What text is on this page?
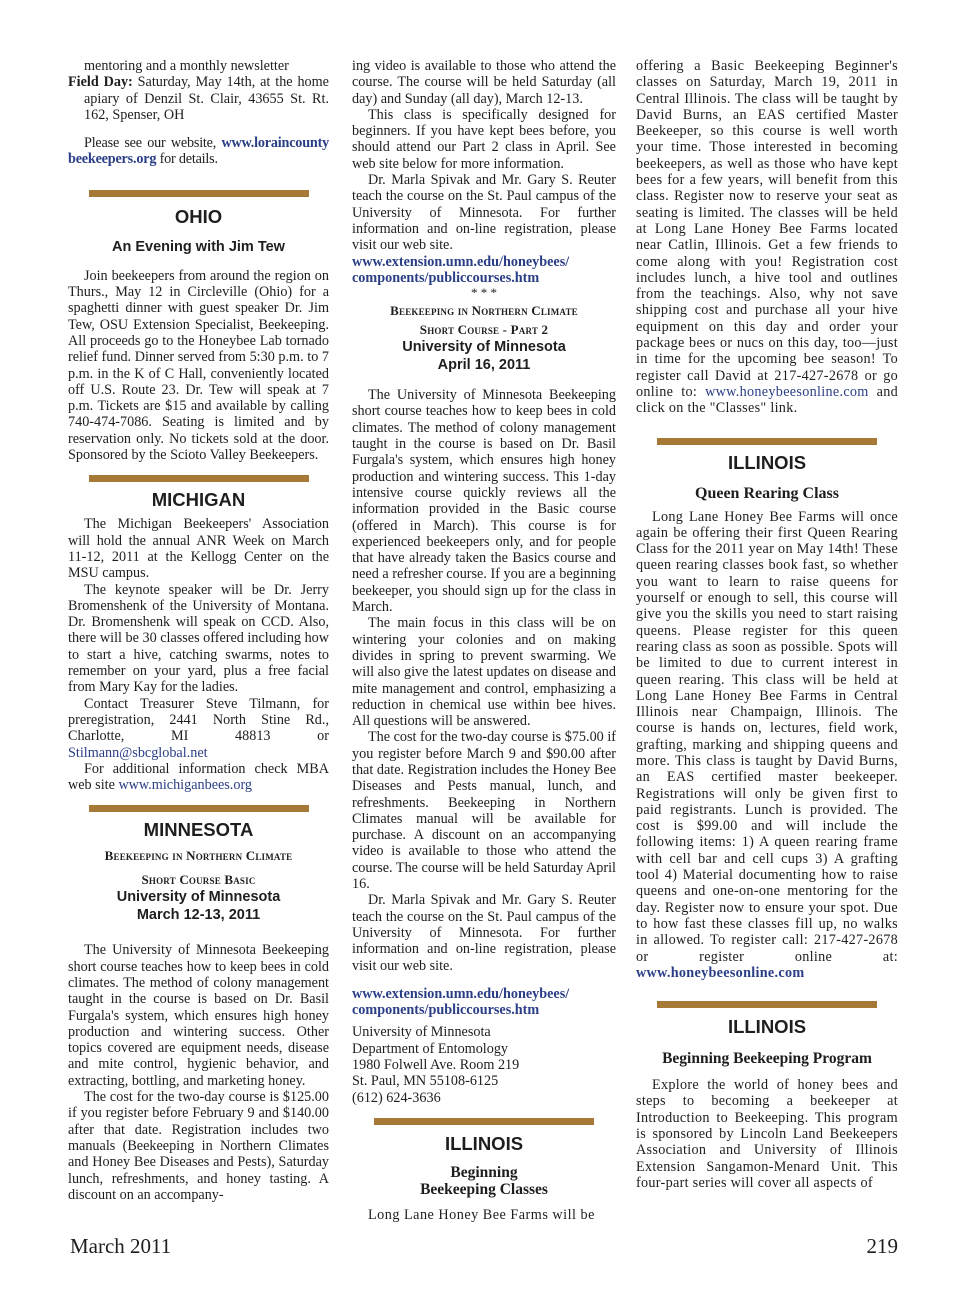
mentoring and a monthly newsletter

Field Day: Saturday, May 14th, at the home apiary of Denzil St. Clair, 43655 St. Rt. 162, Spenser, OH

Please see our website, www.loraincounty beekeepers.org for details.

OHIO
An Evening with Jim Tew

Join beekeepers from around the region on Thurs., May 12 in Circleville (Ohio) for a spaghetti dinner with guest speaker Dr. Jim Tew, OSU Extension Specialist, Beekeeping. All proceeds go to the Honeybee Lab tornado relief fund. Dinner served from 5:30 p.m. to 7 p.m. in the K of C Hall, conveniently located off U.S. Route 23. Dr. Tew will speak at 7 p.m. Tickets are $15 and available by calling 740-474-7086. Seating is limited and by reservation only. No tickets sold at the door. Sponsored by the Scioto Valley Beekeepers.

MICHIGAN

The Michigan Beekeepers' Association will hold the annual ANR Week on March 11-12, 2011 at the Kellogg Center on the MSU campus.

The keynote speaker will be Dr. Jerry Bromenshenk of the University of Montana. Dr. Bromenshenk will speak on CCD. Also, there will be 30 classes offered including how to start a hive, catching swarms, notes to remember on your yard, plus a free facial from Mary Kay for the ladies.

Contact Treasurer Steve Tilmann, for preregistration, 2441 North Stine Rd., Charlotte, MI 48813 or Stilmann@sbcglobal.net

For additional information check MBA web site www.michiganbees.org

MINNESOTA

Beekeeping in Northern Climate

Short Course Basic

University of Minnesota
March 12-13, 2011

The University of Minnesota Beekeeping short course teaches how to keep bees in cold climates. The method of colony management taught in the course is based on Dr. Basil Furgala's system, which ensures high honey production and wintering success. Other topics covered are equipment needs, disease and mite control, hygienic behavior, and extracting, bottling, and marketing honey.

The cost for the two-day course is $125.00 if you register before February 9 and $140.00 after that date. Registration includes two manuals (Beekeeping in Northern Climates and Honey Bee Diseases and Pests), Saturday lunch, refreshments, and honey tasting. A discount on an accompany-

ing video is available to those who attend the course. The course will be held Saturday (all day) and Sunday (all day), March 12-13.

This class is specifically designed for beginners. If you have kept bees before, you should attend our Part 2 class in April. See web site below for more information.

Dr. Marla Spivak and Mr. Gary S. Reuter teach the course on the St. Paul campus of the University of Minnesota. For further information and on-line registration, please visit our web site.

www.extension.umn.edu/honeybees/ components/publiccourses.htm

* * *

Beekeeping in Northern Climate

Short Course - Part 2

University of Minnesota
April 16, 2011

The University of Minnesota Beekeeping short course teaches how to keep bees in cold climates. The method of colony management taught in the course is based on Dr. Basil Furgala's system, which ensures high honey production and wintering success. This 1-day intensive course quickly reviews all the information provided in the Basic course (offered in March). This course is for experienced beekeepers only, and for people that have already taken the Basics course and need a refresher course. If you are a beginning beekeeper, you should sign up for the class in March.

The main focus in this class will be on wintering your colonies and on making divides in spring to prevent swarming. We will also give the latest updates on disease and mite management and control, emphasizing a reduction in chemical use within bee hives. All questions will be answered.

The cost for the two-day course is $75.00 if you register before March 9 and $90.00 after that date. Registration includes the Honey Bee Diseases and Pests manual, lunch, and refreshments. Beekeeping in Northern Climates manual will be available for purchase. A discount on an accompanying video is available to those who attend the course. The course will be held Saturday April 16.

Dr. Marla Spivak and Mr. Gary S. Reuter teach the course on the St. Paul campus of the University of Minnesota. For further information and on-line registration, please visit our web site.

www.extension.umn.edu/honeybees/ components/publiccourses.htm

University of Minnesota

Department of Entomology

1980 Folwell Ave. Room 219

St. Paul, MN 55108-6125

(612) 624-3636

ILLINOIS

Beginning

Beekeeping Classes

Long Lane Honey Bee Farms will be

offering a Basic Beekeeping Beginner's classes on Saturday, March 19, 2011 in Central Illinois. The class will be taught by David Burns, an EAS certified Master Beekeeper, so this course is well worth your time. Those interested in becoming beekeepers, as well as those who have kept bees for a few years, will benefit from this class. Register now to reserve your seat as seating is limited. The classes will be held at Long Lane Honey Bee Farms located near Catlin, Illinois. Get a few friends to come along with you! Registration cost includes lunch, a hive tool and outlines from the teachings. Also, why not save shipping cost and purchase all your hive equipment on this day and order your package bees or nucs on this day, too—just in time for the upcoming bee season! To register call David at 217-427-2678 or go online to: www.honeybeesonline.com and click on the "Classes" link.

ILLINOIS

Queen Rearing Class

Long Lane Honey Bee Farms will once again be offering their first Queen Rearing Class for the 2011 year on May 14th! These queen rearing classes book fast, so whether you want to learn to raise queens for yourself or enough to sell, this course will give you the skills you need to start raising queens. Please register for this queen rearing class as soon as possible. Spots will be limited to due to current interest in queen rearing. This class will be held at Long Lane Honey Bee Farms in Central Illinois near Champaign, Illinois. The course is hands on, lectures, field work, grafting, marking and shipping queens and more. This class is taught by David Burns, an EAS certified master beekeeper. Registrations will only be given first to paid registrants. Lunch is provided. The cost is $99.00 and will include the following items: 1) A queen rearing frame with cell bar and cell cups 3) A grafting tool 4) Material documenting how to raise queens and one-on-one mentoring for the day. Register now to ensure your spot. Due to how fast these classes fill up, no walks in allowed. To register call: 217-427-2678 or register online at: www.honeybeesonline.com

ILLINOIS

Beginning Beekeeping Program

Explore the world of honey bees and steps to becoming a beekeeper at Introduction to Beekeeping. This program is sponsored by Lincoln Land Beekeepers Association and University of Illinois Extension Sangamon-Menard Unit. This four-part series will cover all aspects of

March 2011	219
